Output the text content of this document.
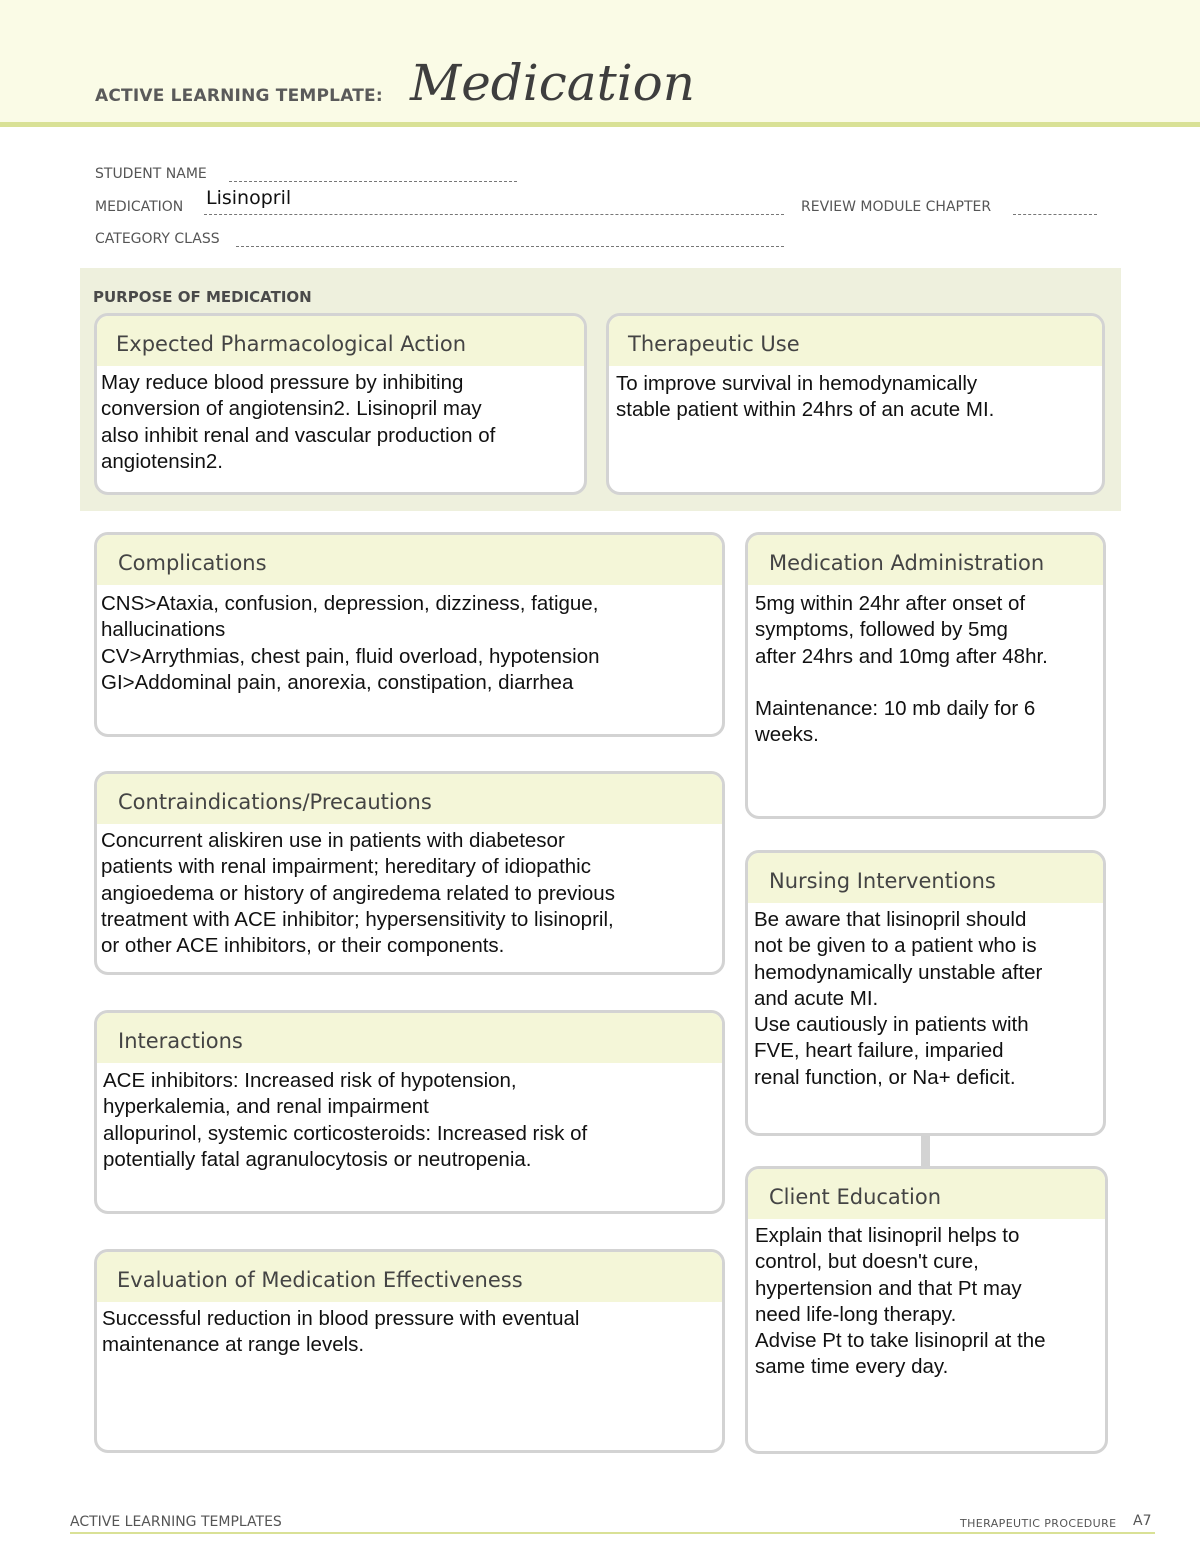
ACTIVE LEARNING TEMPLATE: Medication
STUDENT NAME
MEDICATION Lisinopril	REVIEW MODULE CHAPTER
CATEGORY CLASS
PURPOSE OF MEDICATION
Expected Pharmacological Action
May reduce blood pressure by inhibiting
conversion of angiotensin2. Lisinopril may
also inhibit renal and vascular production of
angiotensin2.
Therapeutic Use
To improve survival in hemodynamically
stable patient within 24hrs of an acute MI.
Complications
CNS>Ataxia, confusion, depression, dizziness, fatigue,
hallucinations
CV>Arrythmias, chest pain, fluid overload, hypotension
GI>Addominal pain, anorexia, constipation, diarrhea
Contraindications/Precautions
Concurrent aliskiren use in patients with diabetesor
patients with renal impairment; hereditary of idiopathic
angioedema or history of angiredema related to previous
treatment with ACE inhibitor; hypersensitivity to lisinopril,
or other ACE inhibitors, or their components.
Interactions
ACE inhibitors: Increased risk of hypotension,
hyperkalemia, and renal impairment
allopurinol, systemic corticosteroids: Increased risk of
potentially fatal agranulocytosis or neutropenia.
Evaluation of Medication Effectiveness
Successful reduction in blood pressure with eventual
maintenance at range levels.
Medication Administration
5mg within 24hr after onset of
symptoms, followed by 5mg
after 24hrs and 10mg after 48hr.
Maintenance: 10 mb daily for 6
weeks.
Nursing Interventions
Be aware that lisinopril should
not be given to a patient who is
hemodynamically unstable after
and acute MI.
Use cautiously in patients with
FVE, heart failure, imparied
renal function, or Na+ deficit.
Client Education
Explain that lisinopril helps to
control, but doesn't cure,
hypertension and that Pt may
need life-long therapy.
Advise Pt to take lisinopril at the
same time every day.
ACTIVE LEARNING TEMPLATES	THERAPEUTIC PROCEDURE A7
